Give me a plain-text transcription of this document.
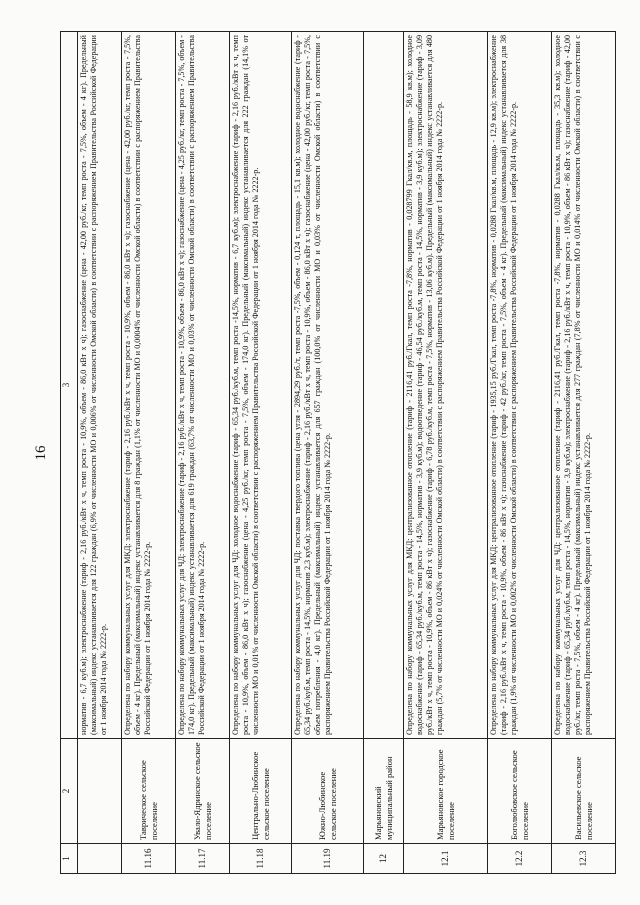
16
1	2	3
		норматив - 6,7 куб.м); электроснабжение (тариф - 2,16 руб./кВт х ч, темп роста - 10,9%, объем - 86,0 кВт х ч); газоснабжение (цена - 42,00 руб./кг, темп роста - 7,5%, объем - 4 кг). Предельный (максимальный) индекс устанавливается для 122 граждан (6,9% от численности МО и 0,006% от численности Омской области) в соответствии с распоряжением Правительства Российской Федерации от 1 ноября 2014 года № 2222-р.
11.16	Таврическое сельское поселение	Определена по набору коммунальных услуг для МКД: электроснабжение (тариф - 2,16 руб./кВт х ч, темп роста - 10,9%, объем - 86,0 кВт х ч); газоснабжение (цена - 42,00 руб./кг, темп роста - 7,5%, объем - 4 кг). Предельный (максимальный) индекс устанавливается для 8 граждан (1,1% от численности МО и 0,0004% от численности Омской области) в соответствии с распоряжением Правительства Российской Федерации от 1 ноября 2014 года № 2222-р.
11.17	Увало-Ядринское сельское поселение	Определена по набору коммунальных услуг для ЧД: электроснабжение (тариф - 2,16 руб./кВт х ч, темп роста - 10,9%, объем - 86,0 кВт х ч); газоснабжение (цена - 4,25 руб./кг, темп роста - 7,5%, объем - 174,0 кг). Предельный (максимальный) индекс устанавливается для 619 граждан (63,7% от численности МО и 0,03% от численности Омской области) в соответствии с распоряжением Правительства Российской Федерации от 1 ноября 2014 года № 2222-р.
11.18	Центрально-Любинское сельское поселение	Определена по набору коммунальных услуг для ЧД: холодное водоснабжение (тариф - 65,34 руб./куб.м, темп роста -14,5%, норматив - 6,7 куб.м); электроснабжение (тариф - 2,16 руб./кВт х ч, темп роста - 10,9%, объем - 86,0 кВт х ч); газоснабжение (цена - 4,25 руб./кг, темп роста - 7,5%, объем - 174,0 кг). Предельный (максимальный) индекс устанавливается для 222 граждан (14,1% от численности МО и 0,01% от численности Омской области) в соответствии с распоряжением Правительства Российской Федерации от 1 ноября 2014 года № 2222-р.
11.19	Южно-Любинское сельское поселение	Определена по набору коммунальных услуг для ЧД: поставка твердого топлива (цена угля - 2894,29 руб./т, темп роста -7,5%, объем - 0,124 т, площадь - 15,1 кв.м); холодное водоснабжение (тариф - 65,34 руб./куб.м, темп роста - 14,5%, норматив 2,3 куб.м); электроснабжение (тариф - 2,16 руб./кВт х ч, темп роста - 10,9%, объем - 86,0 кВт х ч); газоснабжение (цена - 42,00 руб./кг, темп роста - 7,5%, объем потребления - 4,0 кг). Предельный (максимальный) индекс устанавливается для 657 граждан (100,0% от численности МО и 0,03% от численности Омской области) в соответствии с распоряжением Правительства Российской Федерации от 1 ноября 2014 года № 2222-р.
12	Марьяновский муниципальный район	
12.1	Марьяновское городское поселение	Определена по набору коммунальных услуг для МКД: централизованное отопление (тариф - 2116,41 руб./Гкал, темп роста -7,8%, норматив - 0,028799 Гкал/кв.м, площадь - 58,9 кв.м); холодное водоснабжение (тариф - 65,34 руб./куб.м, темп роста - 14,5%, норматив - 3,9 куб.м); водоотведение (тариф - 46,54 руб./куб.м, темп роста - 14,5%, норматив - 3,9 куб.м); электроснабжение (тариф - 3,09 руб./кВт х ч, темп роста - 10,9%, объем - 86 кВт х ч); газоснабжение (тариф - 6,78 руб./куб.м, темп роста - 7,5%, норматив - 13,06 куб.м). Предельный (максимальный) индекс устанавливается для 480 граждан (5,7% от численности МО и 0,024% от численности Омской области) в соответствии с распоряжением Правительства Российской Федерации от 1 ноября 2014 года № 2222-р.
12.2	Боголюбовское сельское поселение	Определена по набору коммунальных услуг для МКД: централизованное отопление (тариф - 1935,15 руб./Гкал, темп роста -7,8%, норматив - 0,0288 Гкал/кв.м, площадь - 12,9 кв.м); электроснабжение (тариф - 2,16 руб./кВт х ч, темп роста - 10,9%, объем - 86 кВт х ч); газоснабжение (тариф - 42 руб./кг, темп роста - 7,5%, объем - 4 кг). Предельный (максимальный) индекс устанавливается для 38 граждан (1,9% от численности МО и 0,002% от численности Омской области) в соответствии с распоряжением Правительства Российской Федерации от 1 ноября 2014 года № 2222-р.
12.3	Васильевское сельское поселение	Определена по набору коммунальных услуг для ЧД: централизованное отопление (тариф - 2116,41 руб./Гкал, темп роста -7,8%, норматив - 0,0288 Гкал/кв.м, площадь - 35,3 кв.м); холодное водоснабжение (тариф - 65,34 руб./куб.м, темп роста - 14,5%, норматив - 3,9 куб.м); электроснабжение (тариф - 2,16 руб./кВт х ч, темп роста - 10,9%, объем - 86 кВт х ч); газоснабжение (тариф - 42,00 руб./кг, темп роста - 7,5%, объем - 4 кг). Предельный (максимальный) индекс устанавливается для 277 граждан (7,8% от численности МО и 0,014% от численности Омской области) в соответствии с распоряжением Правительства Российской Федерации от 1 ноября 2014 года № 2222-р.
